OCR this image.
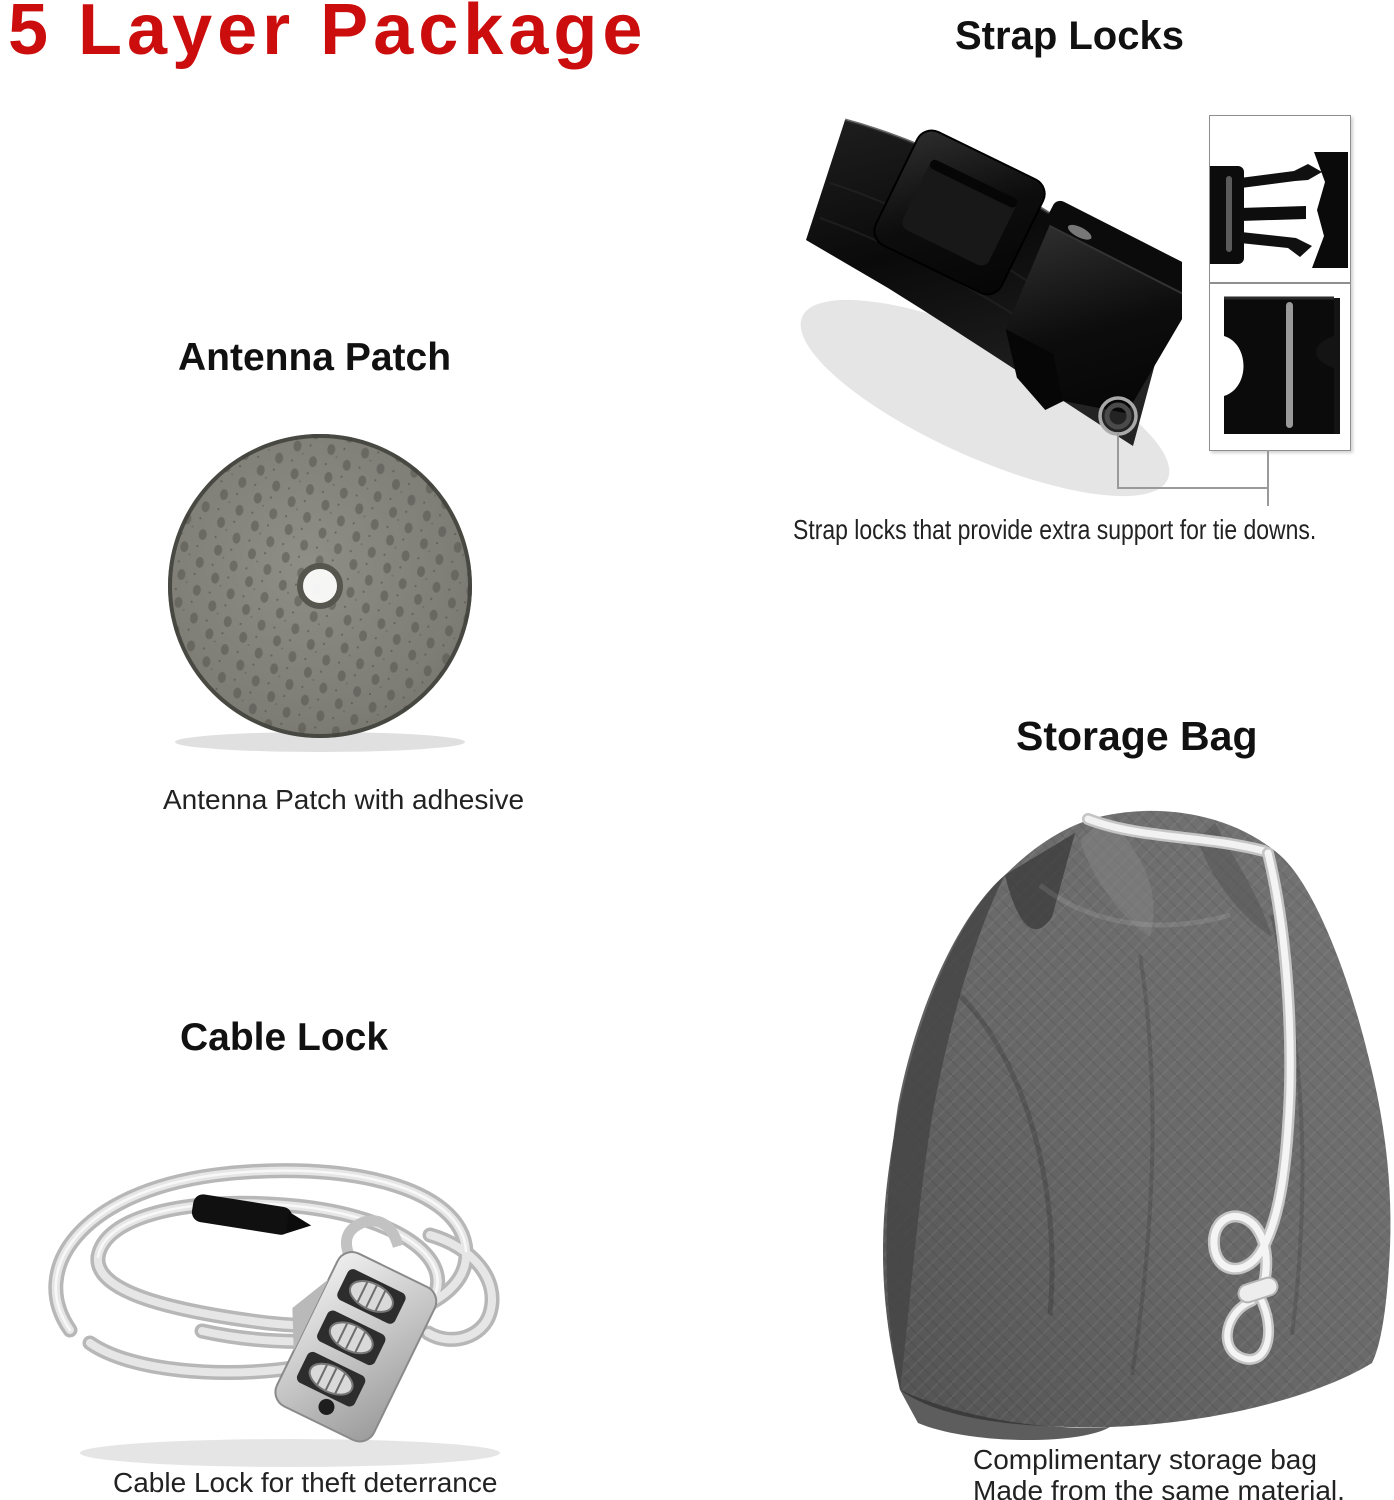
5 Layer Package	Strap Locks
Strap locks that provide extra support for tie downs.
Antenna Patch
Antenna Patch with adhesive
Storage Bag
Complimentary storage bag
Made from the same material.
Cable Lock
Cable Lock for theft deterrance
